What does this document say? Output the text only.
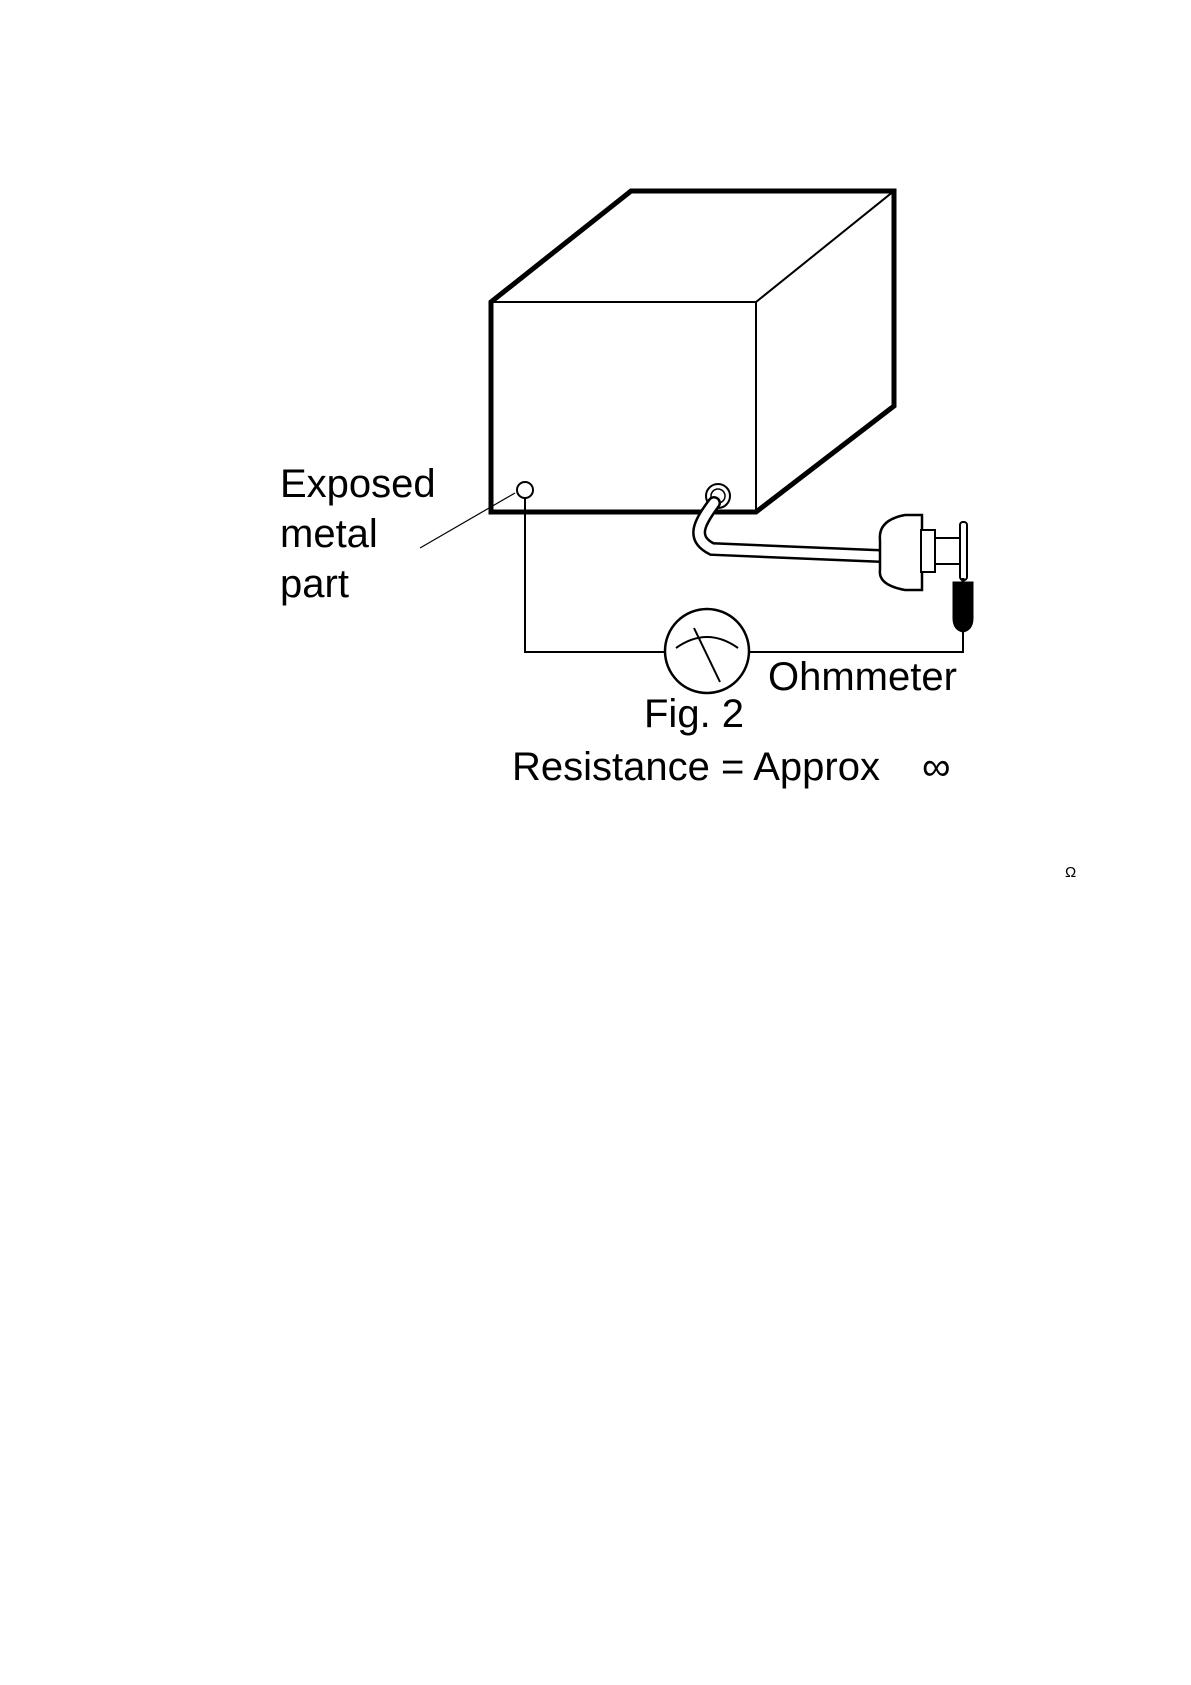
Exposed
metal
part
Ohmmeter
Fig. 2
Resistance = Approx ∞
Ω
